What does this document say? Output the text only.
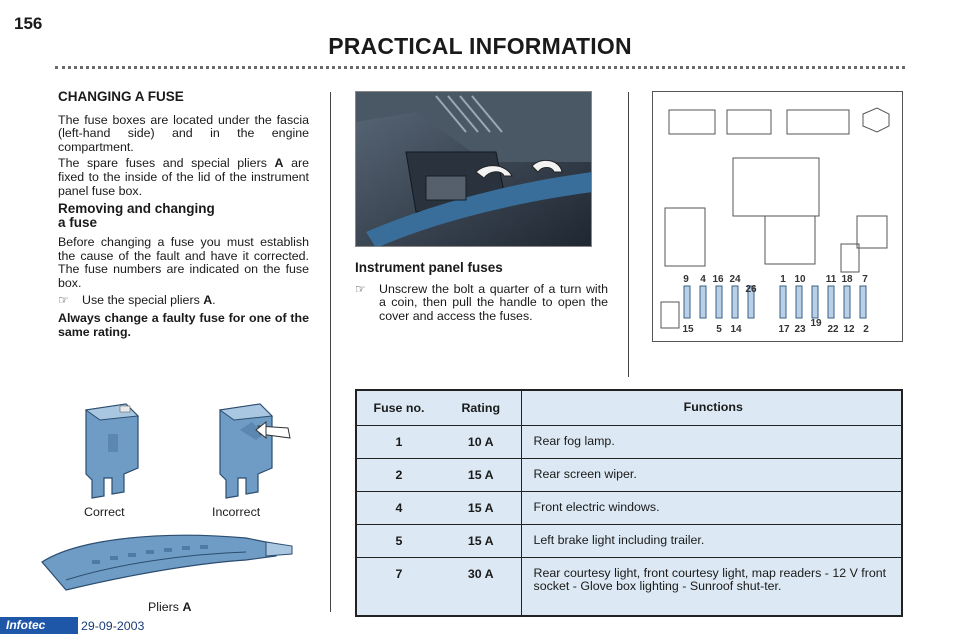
156
PRACTICAL INFORMATION
CHANGING A FUSE

The fuse boxes are located under the fascia (left-hand side) and in the engine compartment.

The spare fuses and special pliers A are fixed to the inside of the lid of the instrument panel fuse box.

Removing and changing
a fuse

Before changing a fuse you must establish the cause of the fault and have it corrected. The fuse numbers are indicated on the fuse box.

☞	Use the special pliers A.

Always change a faulty fuse for one of the same rating.

Correct	Incorrect
Pliers A
Instrument panel fuses
☞	Unscrew the bolt a quarter of a turn with a coin, then pull the handle to open the cover and access the fuses.
9 4 16 24	1 10 11 18 7
26
15 5 14	17 23
19
22 12 2
Fuse no.	Rating	Functions
1	10 A	Rear fog lamp.
2	15 A	Rear screen wiper.
4	15 A	Front electric windows.
5	15 A	Left brake light including trailer.
7	30 A	Rear courtesy light, front courtesy light, map readers - 12 V front socket - Glove box lighting - Sunroof shut-ter.
Infotec	29-09-2003
